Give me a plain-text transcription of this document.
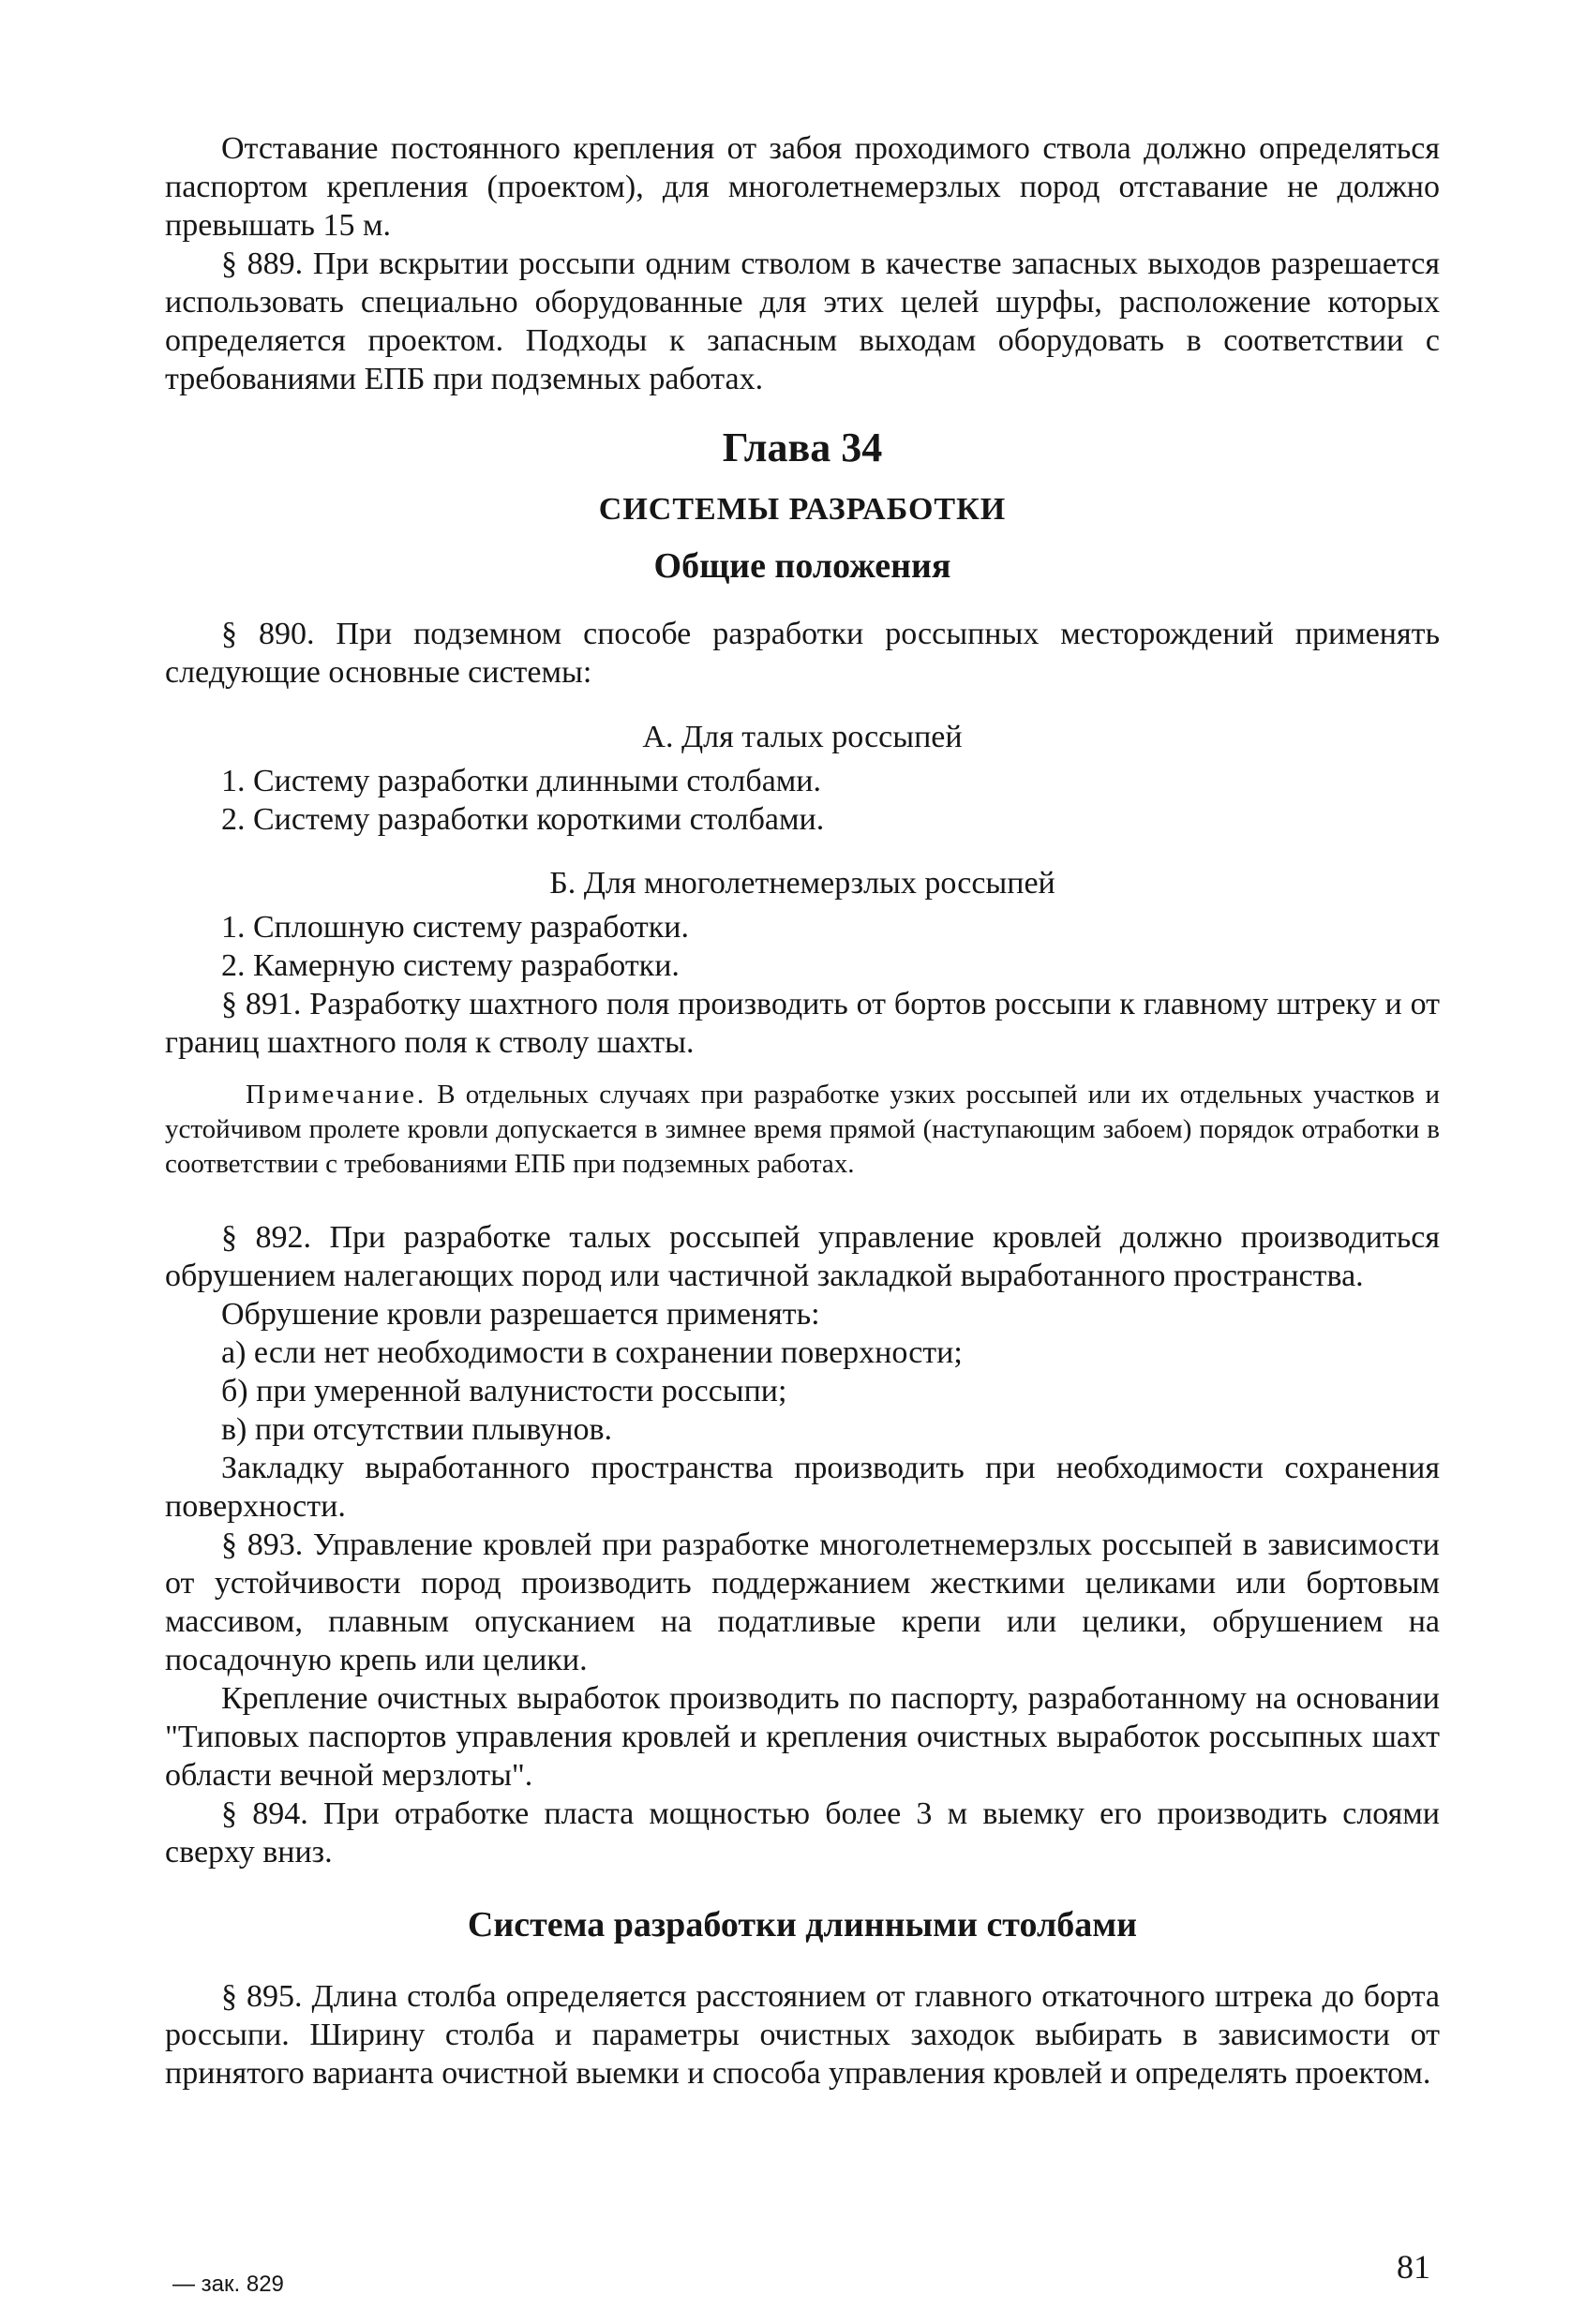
Отставание постоянного крепления от забоя проходимого ствола должно определяться паспортом крепления (проектом), для многолетнемерзлых пород отставание не должно превышать 15 м.

§ 889. При вскрытии россыпи одним стволом в качестве запасных выходов разрешается использовать специально оборудованные для этих целей шурфы, расположение которых определяется проектом. Подходы к запасным выходам оборудовать в соответствии с требованиями ЕПБ при подземных работах.

Глава 34
СИСТЕМЫ РАЗРАБОТКИ
Общие положения

§ 890. При подземном способе разработки россыпных месторождений применять следующие основные системы:

А. Для талых россыпей

1. Систему разработки длинными столбами.

2. Систему разработки короткими столбами.

Б. Для многолетнемерзлых россыпей

1. Сплошную систему разработки.

2. Камерную систему разработки.

§ 891. Разработку шахтного поля производить от бортов россыпи к главному штреку и от границ шахтного поля к стволу шахты.

Примечание. В отдельных случаях при разработке узких россыпей или их отдельных участков и устойчивом пролете кровли допускается в зимнее время прямой (наступающим забоем) порядок отработки в соответствии с требованиями ЕПБ при подземных работах.

§ 892. При разработке талых россыпей управление кровлей должно производиться обрушением налегающих пород или частичной закладкой выработанного пространства.

Обрушение кровли разрешается применять:

а) если нет необходимости в сохранении поверхности;

б) при умеренной валунистости россыпи;

в) при отсутствии плывунов.

Закладку выработанного пространства производить при необходимости сохранения поверхности.

§ 893. Управление кровлей при разработке многолетнемерзлых россыпей в зависимости от устойчивости пород производить поддержанием жесткими целиками или бортовым массивом, плавным опусканием на податливые крепи или целики, обрушением на посадочную крепь или целики.

Крепление очистных выработок производить по паспорту, разработанному на основании "Типовых паспортов управления кровлей и крепления очистных выработок россыпных шахт области вечной мерзлоты".

§ 894. При отработке пласта мощностью более 3 м выемку его производить слоями сверху вниз.

Система разработки длинными столбами

§ 895. Длина столба определяется расстоянием от главного откаточного штрека до борта россыпи. Ширину столба и параметры очистных заходок выбирать в зависимости от принятого варианта очистной выемки и способа управления кровлей и определять проектом.

— зак. 829	81
